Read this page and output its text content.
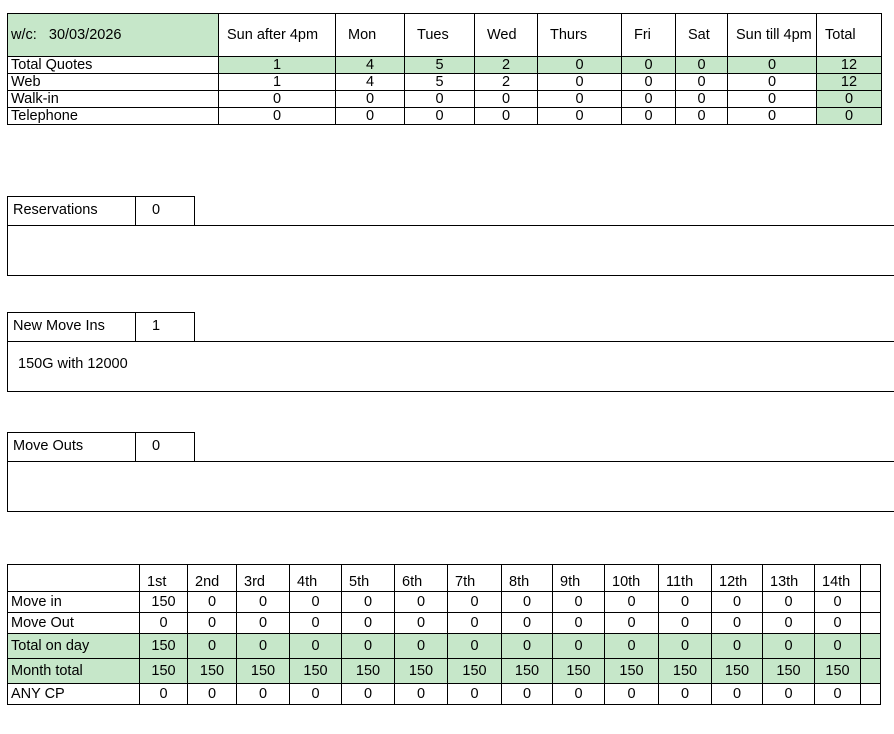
w/c: 30/03/2026	Sun after 4pm	Mon	Tues	Wed	Thurs	Fri	Sat	Sun till 4pm	Total
Total Quotes	1	4	5	2	0	0	0	0	12
Web	1	4	5	2	0	0	0	0	12
Walk-in	0	0	0	0	0	0	0	0	0
Telephone	0	0	0	0	0	0	0	0	0
Reservations	0
New Move Ins	1
150G with 12000
Move Outs	0
	1st	2nd	3rd	4th	5th	6th	7th	8th	9th	10th	11th	12th	13th	14th	
Move in	150	0	0	0	0	0	0	0	0	0	0	0	0	0	
Move Out	0	0	0	0	0	0	0	0	0	0	0	0	0	0	
Total on day	150	0	0	0	0	0	0	0	0	0	0	0	0	0	
Month total	150	150	150	150	150	150	150	150	150	150	150	150	150	150	
ANY CP	0	0	0	0	0	0	0	0	0	0	0	0	0	0	
